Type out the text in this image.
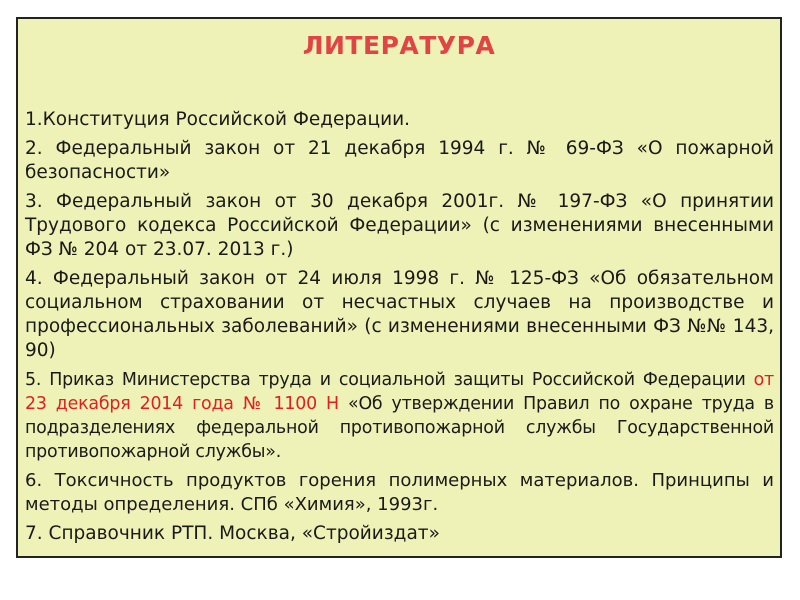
ЛИТЕРАТУРА
1.Конституция Российской Федерации.
2. Федеральный закон от 21 декабря 1994 г. № 69-ФЗ «О пожарной безопасности»
3. Федеральный закон от 30 декабря 2001г. № 197-ФЗ «О принятии Трудового кодекса Российской Федерации» (с изменениями внесенными ФЗ № 204 от 23.07. 2013 г.)
4. Федеральный закон от 24 июля 1998 г. № 125-ФЗ «Об обязательном социальном страховании от несчастных случаев на производстве и профессиональных заболеваний» (с изменениями внесенными ФЗ №№ 143, 90)
5. Приказ Министерства труда и социальной защиты Российской Федерации от 23 декабря 2014 года № 1100 Н «Об утверждении Правил по охране труда в подразделениях федеральной противопожарной службы Государственной противопожарной службы».
6. Токсичность продуктов горения полимерных материалов. Принципы и методы определения. СПб «Химия», 1993г.
7. Справочник РТП. Москва, «Стройиздат»
